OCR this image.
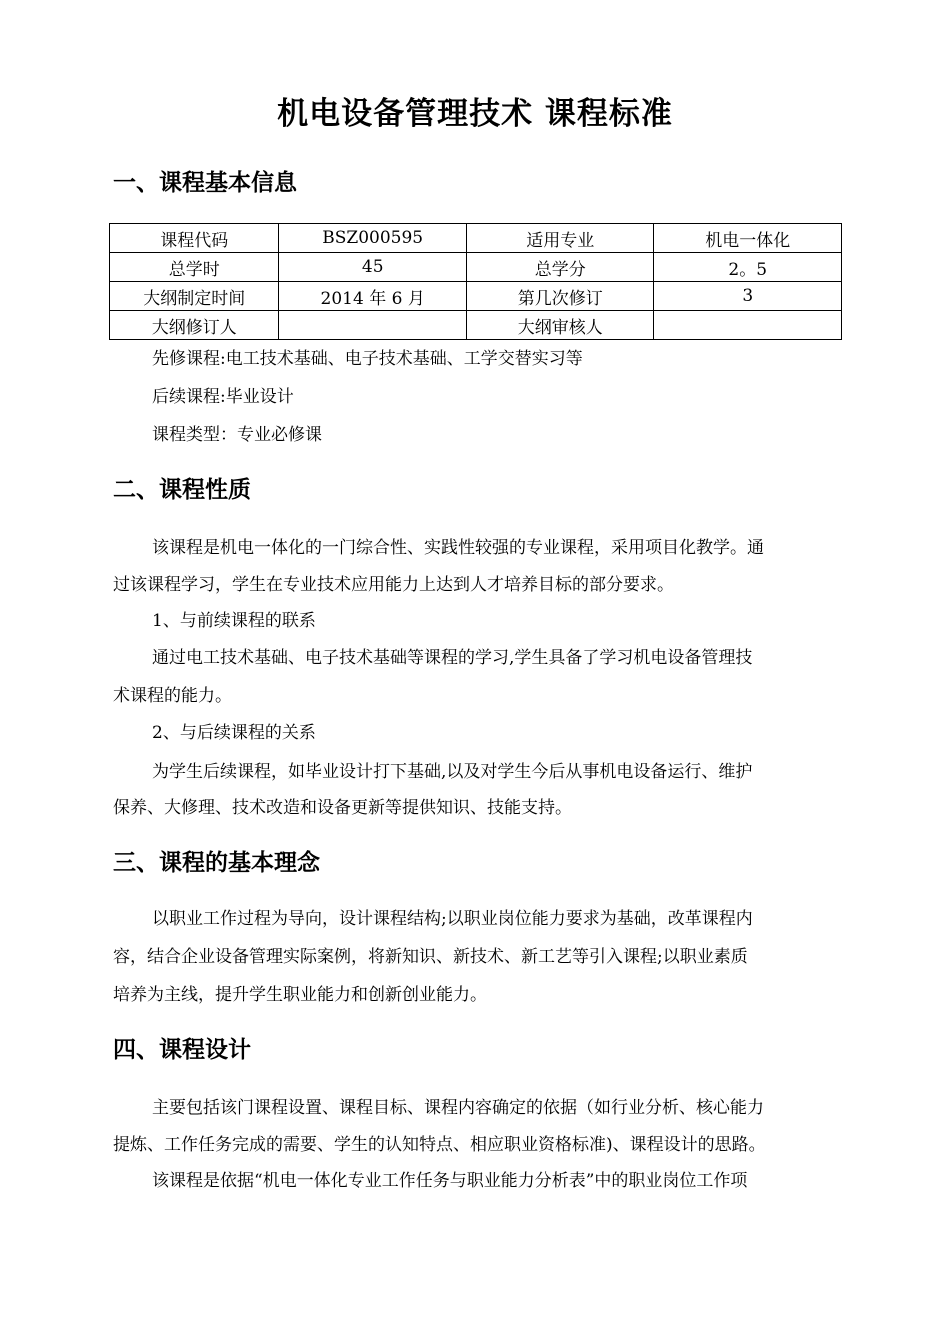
机电设备管理技术 课程标准
一、课程基本信息
课程代码	BSZ000595	适用专业	机电一体化
总学时	45	总学分	2。5
大纲制定时间	2014 年 6 月	第几次修订	3
大纲修订人		大纲审核人	
先修课程:电工技术基础、电子技术基础、工学交替实习等
后续课程:毕业设计
课程类型：专业必修课
二、课程性质
该课程是机电一体化的一门综合性、实践性较强的专业课程，采用项目化教学。通
过该课程学习，学生在专业技术应用能力上达到人才培养目标的部分要求。
1、与前续课程的联系
通过电工技术基础、电子技术基础等课程的学习,学生具备了学习机电设备管理技
术课程的能力。
2、与后续课程的关系
为学生后续课程，如毕业设计打下基础,以及对学生今后从事机电设备运行、维护
保养、大修理、技术改造和设备更新等提供知识、技能支持。
三、课程的基本理念
以职业工作过程为导向，设计课程结构;以职业岗位能力要求为基础，改革课程内
容，结合企业设备管理实际案例，将新知识、新技术、新工艺等引入课程;以职业素质
培养为主线，提升学生职业能力和创新创业能力。
四、课程设计
主要包括该门课程设置、课程目标、课程内容确定的依据（如行业分析、核心能力
提炼、工作任务完成的需要、学生的认知特点、相应职业资格标准)、课程设计的思路。
该课程是依据“机电一体化专业工作任务与职业能力分析表”中的职业岗位工作项
